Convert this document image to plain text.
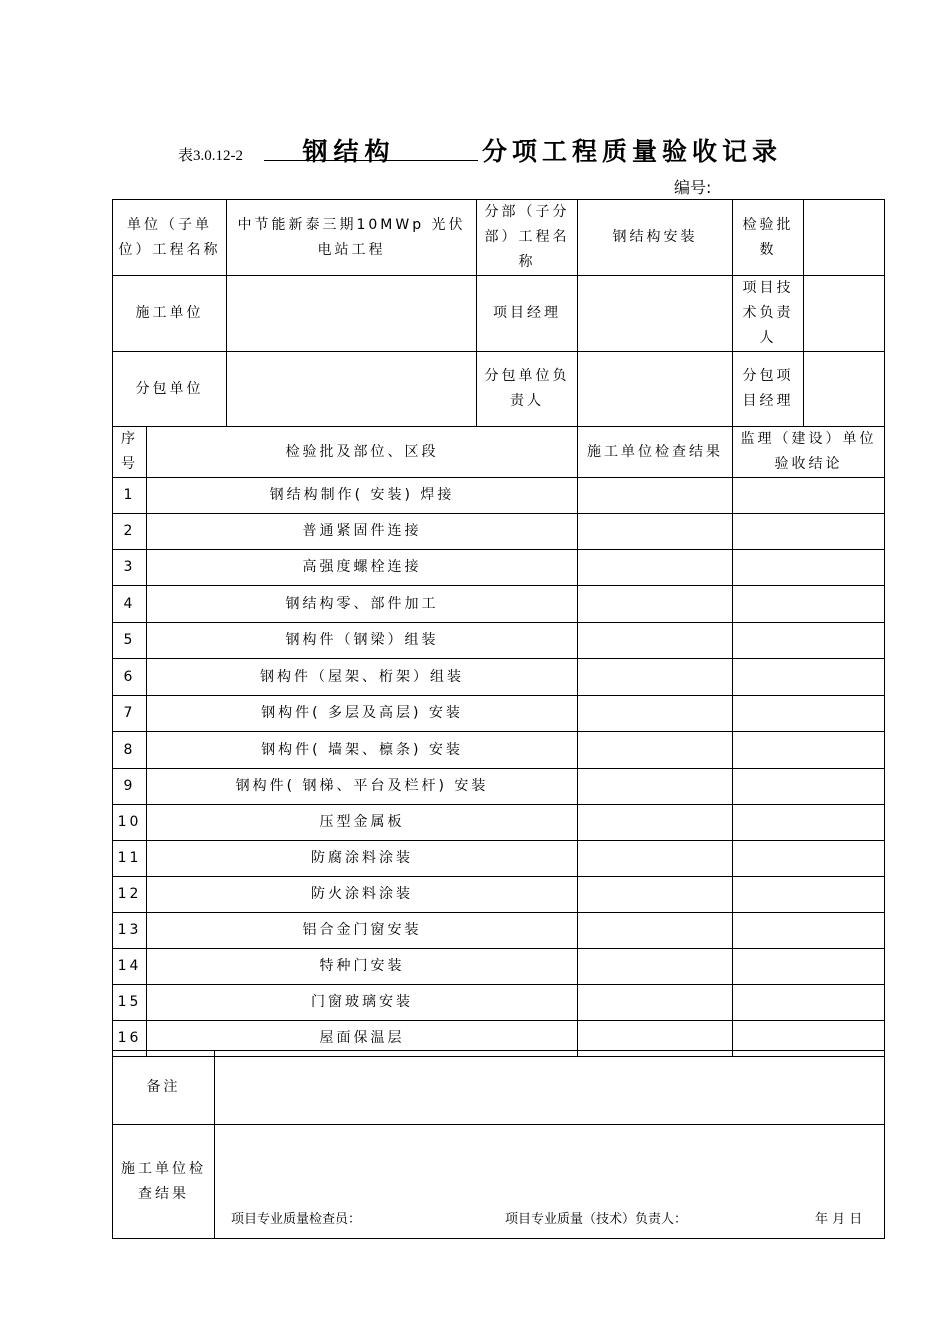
表3.0.12-2	钢结构	分项工程质量验收记录
编号:
单位（子单位）工程名称		中节能新泰三期10MWp 光伏电站工程	分部（子分部）工程名称	钢结构安装	检验批数	
施工单位			项目经理		项目技术负责人	
分包单位			分包单位负责人		分包项目经理	
序号	检验批及部位、区段			施工单位检查结果	监理（建设）单位验收结论	
1	钢结构制作( 安装) 焊接					
2	普通紧固件连接					
3	高强度螺栓连接					
4	钢结构零、部件加工					
5	钢构件（钢梁）组装					
6	钢构件（屋架、桁架）组装					
7	钢构件( 多层及高层) 安装					
8	钢构件( 墙架、檩条) 安装					
9	钢构件( 钢梯、平台及栏杆) 安装					
10	压型金属板					
11	防腐涂料涂装					
12	防火涂料涂装					
13	铝合金门窗安装					
14	特种门安装					
15	门窗玻璃安装					
16	屋面保温层					
备注	
施工单位检查结果	项目专业质量检查员： 项目专业质量（技术）负责人： 年 月 日
